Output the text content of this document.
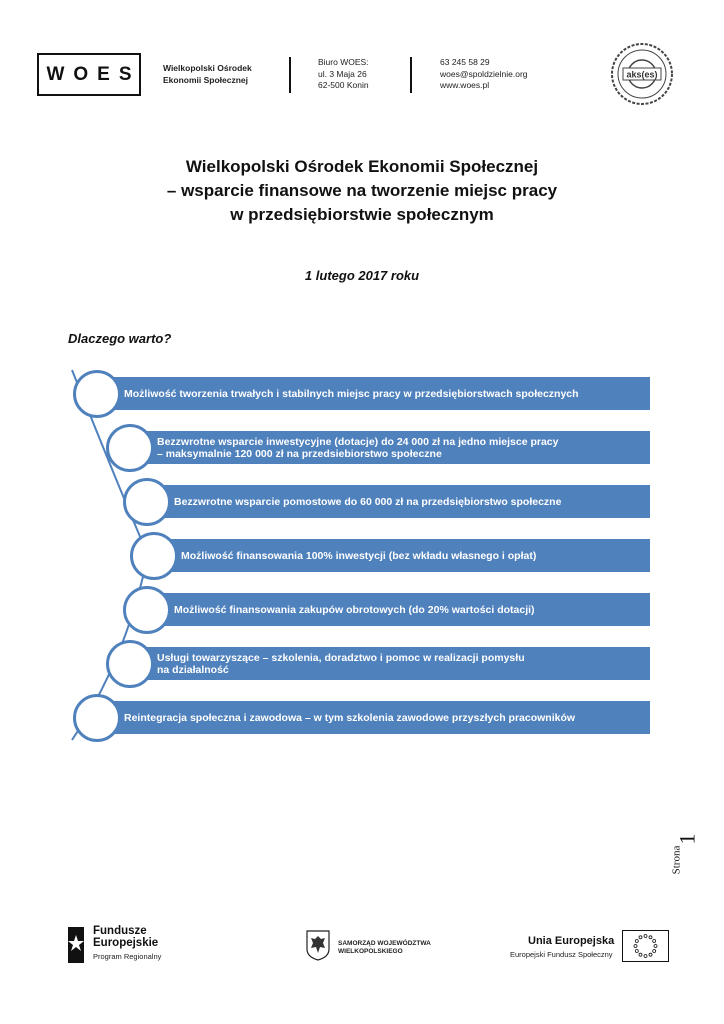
WOES	Wielkopolski Ośrodek
Ekonomii Społecznej
Biuro WOES:
ul. 3 Maja 26
62-500 Konin
63 245 58 29
woes@spoldzielnie.org
www.woes.pl
aks(es)
Wielkopolski Ośrodek Ekonomii Społecznej
– wsparcie finansowe na tworzenie miejsc pracy
w przedsiębiorstwie społecznym
1 lutego 2017 roku
Dlaczego warto?
Możliwość tworzenia trwałych i stabilnych miejsc pracy w przedsiębiorstwach społecznych
Bezzwrotne wsparcie inwestycyjne (dotacje) do 24 000 zł na jedno miejsce pracy
– maksymalnie 120 000 zł na przedsiebiorstwo społeczne
Bezzwrotne wsparcie pomostowe do 60 000 zł na przedsiębiorstwo społeczne
Możliwość finansowania 100% inwestycji (bez wkładu własnego i opłat)
Możliwość finansowania zakupów obrotowych (do 20% wartości dotacji)
Usługi towarzyszące – szkolenia, doradztwo i pomoc w realizacji pomysłu
na działalność
Reintegracja społeczna i zawodowa – w tym szkolenia zawodowe przyszłych pracowników
Strona
1
Fundusze
Europejskie
Program Regionalny
SAMORZĄD WOJEWÓDZTWA
WIELKOPOLSKIEGO
Unia Europejska
Europejski Fundusz Społeczny
